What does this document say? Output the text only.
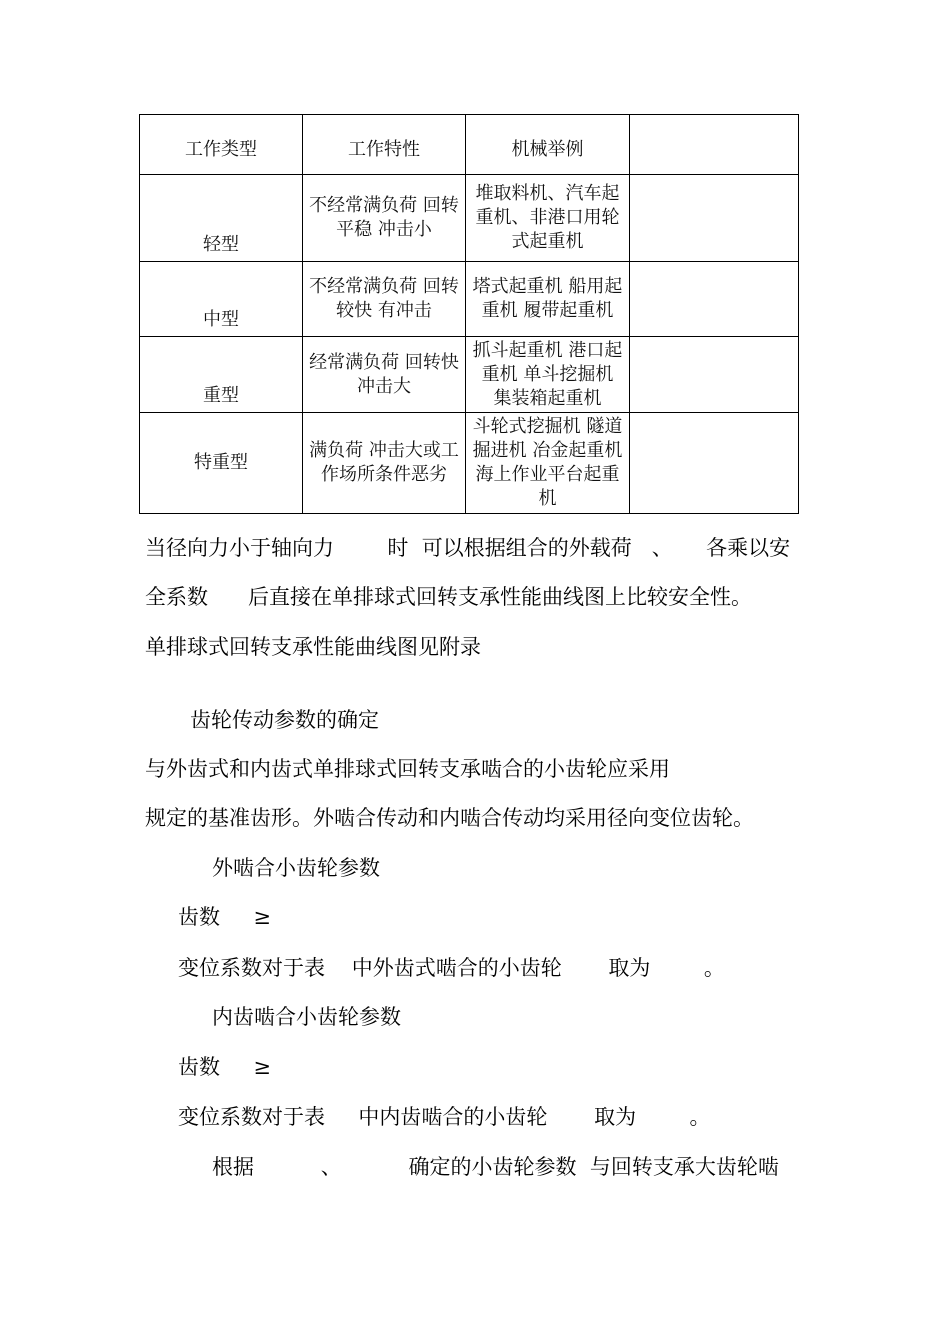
工作类型	工作特性	机械举例	
轻型	不经常满负荷 回转平稳 冲击小	堆取料机、汽车起重机、非港口用轮式起重机	
中型	不经常满负荷 回转较快 有冲击	塔式起重机 船用起重机 履带起重机	
重型	经常满负荷 回转快 冲击大	抓斗起重机 港口起重机 单斗挖掘机 集装箱起重机	
特重型	满负荷 冲击大或工作场所条件恶劣	斗轮式挖掘机 隧道掘进机 冶金起重机 海上作业平台起重机	
当径向力小于轴向力        时  可以根据组合的外载荷   、     各乘以安
全系数      后直接在单排球式回转支承性能曲线图上比较安全性。
单排球式回转支承性能曲线图见附录
齿轮传动参数的确定
与外齿式和内齿式单排球式回转支承啮合的小齿轮应采用
规定的基准齿形。外啮合传动和内啮合传动均采用径向变位齿轮。
外啮合小齿轮参数
齿数     ≥
变位系数对于表    中外齿式啮合的小齿轮       取为        。
内齿啮合小齿轮参数
齿数     ≥
变位系数对于表     中内齿啮合的小齿轮       取为        。
根据          、          确定的小齿轮参数  与回转支承大齿轮啮
